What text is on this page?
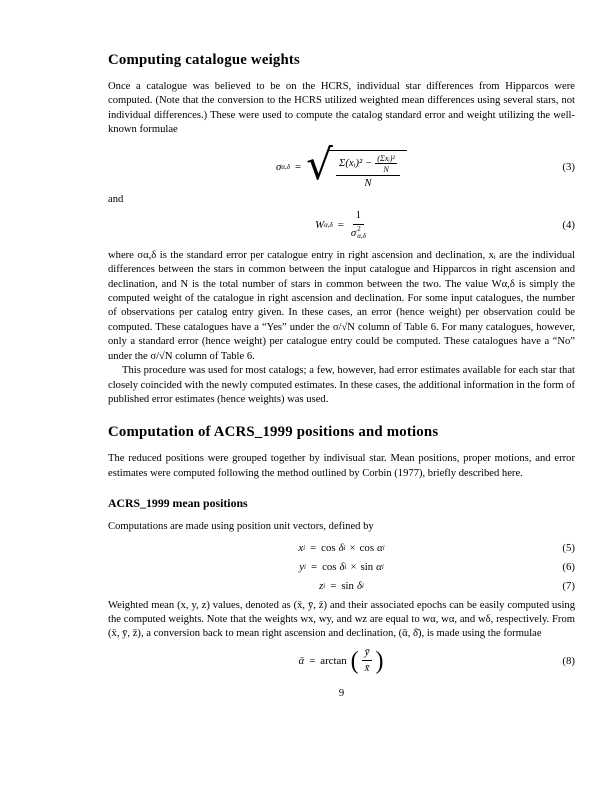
Computing catalogue weights

Once a catalogue was believed to be on the HCRS, individual star differences from Hipparcos were computed. (Note that the conversion to the HCRS utilized weighted mean differences using several stars, not individual differences.) These were used to compute the catalog standard error and weight utilizing the well-known formulae

σ α,δ = √ Σ(xᵢ)² − $\frac{\text{(Σxᵢ)²}}{N}$
N
(3)

and

W α,δ = 1
σ 2
α,δ	(4)

where σα,δ is the standard error per catalogue entry in right ascension and declination, xᵢ are the individual differences between the stars in common between the input catalogue and Hipparcos in right ascension and declination, and N is the total number of stars in common between the two. The value Wα,δ is simply the computed weight of the catalogue in right ascension and declination. For some input catalogues, the number of observations per catalog entry given. In these cases, an error (hence weight) per observation could be computed. These catalogues have a “Yes” under the σ/√N column of Table 6. For many catalogues, however, only a standard error (hence weight) per catalogue entry could be computed. These catalogues have a “No” under the σ/√N column of Table 6.

This procedure was used for most catalogs; a few, however, had error estimates available for each star that closely coincided with the newly computed estimates. In these cases, the additional information in the form of published error estimates (hence weights) was used.

Computation of ACRS_1999 positions and motions

The reduced positions were grouped together by indivisual star. Mean positions, proper motions, and error estimates were computed following the method outlined by Corbin (1977), briefly described here.

ACRS_1999 mean positions

Computations are made using position unit vectors, defined by

x i = cos δ i × cos α i	(5)
y i = cos δ i × sin α i	(6)
z i = sin δ i	(7)

Weighted mean (x, y, z) values, denoted as (x̄, ȳ, z̄) and their associated epochs can be easily computed using the computed weights. Note that the weights wx, wy, and wz are equal to wα, wα, and wδ, respectively. From (x̄, ȳ, z̄), a conversion back to mean right ascension and declination, (ᾱ, δ̄), is made using the formulae

ᾱ = arctan ( $\frac{ȳ}{x̄}$ )	(8)
9
